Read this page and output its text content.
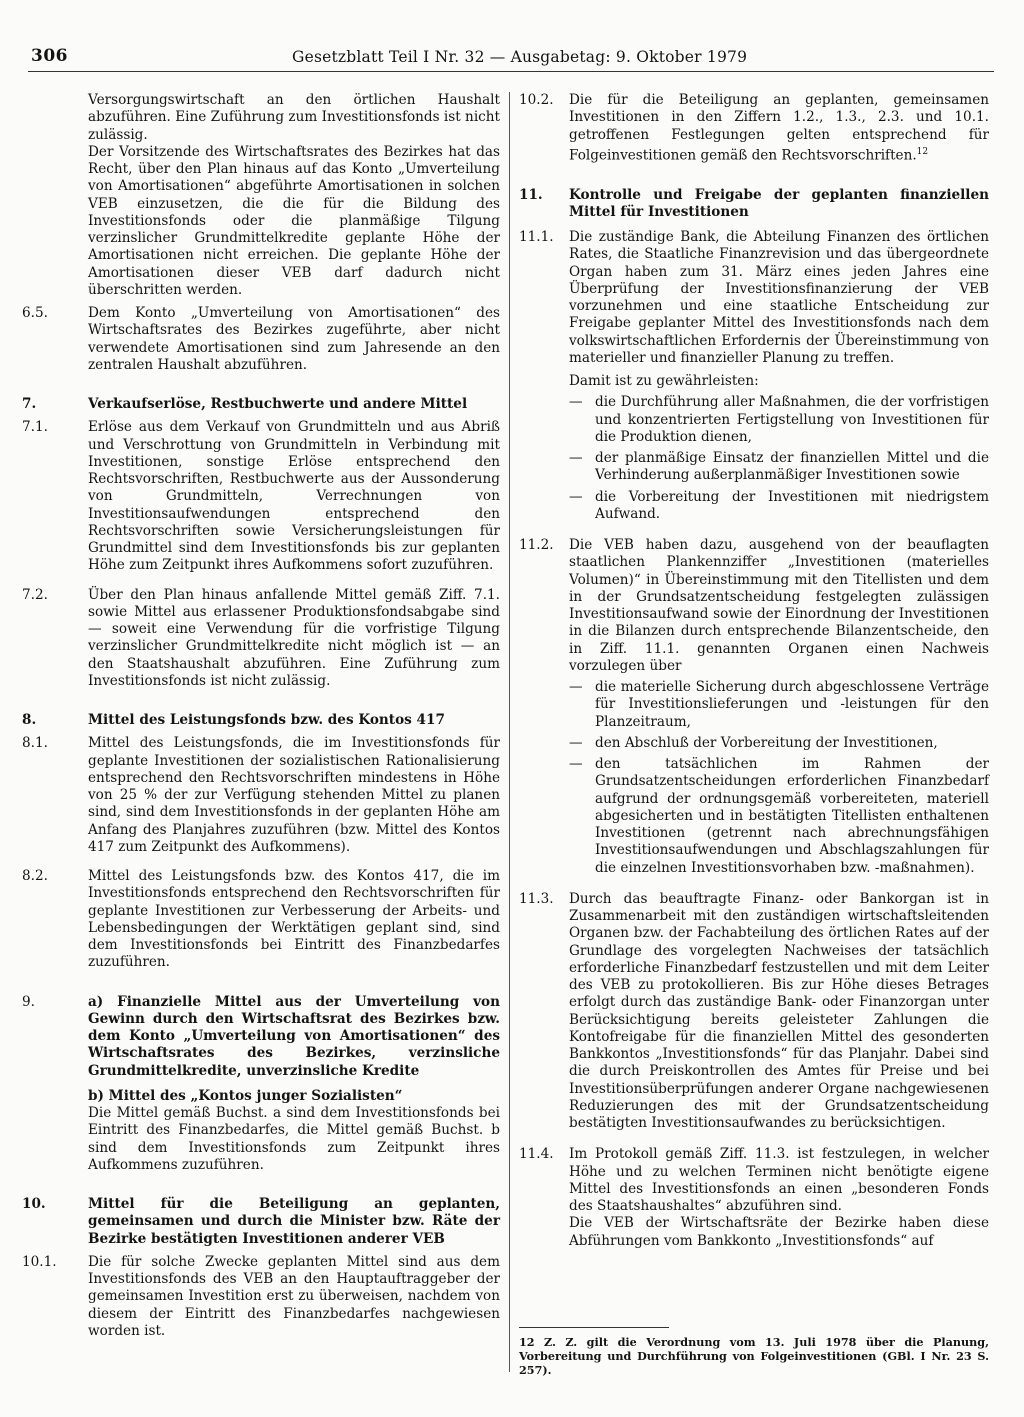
306	Gesetzblatt Teil I Nr. 32 — Ausgabetag: 9. Oktober 1979

Versorgungswirtschaft an den örtlichen Haushalt abzuführen. Eine Zuführung zum Investitionsfonds ist nicht zulässig.

Der Vorsitzende des Wirtschaftsrates des Bezirkes hat das Recht, über den Plan hinaus auf das Konto „Umverteilung von Amortisationen“ abgeführte Amortisationen in solchen VEB einzusetzen, die die für die Bildung des Investitionsfonds oder die planmäßige Tilgung verzinslicher Grundmittelkredite geplante Höhe der Amortisationen nicht erreichen. Die geplante Höhe der Amortisationen dieser VEB darf dadurch nicht überschritten werden.

6.5.	Dem Konto „Umverteilung von Amortisationen“ des Wirtschaftsrates des Bezirkes zugeführte, aber nicht verwendete Amortisationen sind zum Jahresende an den zentralen Haushalt abzuführen.
7.	Verkaufserlöse, Restbuchwerte und andere Mittel
7.1.	Erlöse aus dem Verkauf von Grundmitteln und aus Abriß und Verschrottung von Grundmitteln in Verbindung mit Investitionen, sonstige Erlöse entsprechend den Rechtsvorschriften, Restbuchwerte aus der Aussonderung von Grundmitteln, Verrechnungen von Investitionsaufwendungen entsprechend den Rechtsvorschriften sowie Versicherungsleistungen für Grundmittel sind dem Investitionsfonds bis zur geplanten Höhe zum Zeitpunkt ihres Aufkommens sofort zuzuführen.
7.2.	Über den Plan hinaus anfallende Mittel gemäß Ziff. 7.1. sowie Mittel aus erlassener Produktionsfondsabgabe sind — soweit eine Verwendung für die vorfristige Tilgung verzinslicher Grundmittelkredite nicht möglich ist — an den Staatshaushalt abzuführen. Eine Zuführung zum Investitionsfonds ist nicht zulässig.
8.	Mittel des Leistungsfonds bzw. des Kontos 417
8.1.	Mittel des Leistungsfonds, die im Investitionsfonds für geplante Investitionen der sozialistischen Rationalisierung entsprechend den Rechtsvorschriften mindestens in Höhe von 25 % der zur Verfügung stehenden Mittel zu planen sind, sind dem Investitionsfonds in der geplanten Höhe am Anfang des Planjahres zuzuführen (bzw. Mittel des Kontos 417 zum Zeitpunkt des Aufkommens).
8.2.	Mittel des Leistungsfonds bzw. des Kontos 417, die im Investitionsfonds entsprechend den Rechtsvorschriften für geplante Investitionen zur Verbesserung der Arbeits- und Lebensbedingungen der Werktätigen geplant sind, sind dem Investitionsfonds bei Eintritt des Finanzbedarfes zuzuführen.
9.	a) Finanzielle Mittel aus der Umverteilung von Gewinn durch den Wirtschaftsrat des Bezirkes bzw. dem Konto „Umverteilung von Amortisationen“ des Wirtschaftsrates des Bezirkes, verzinsliche Grundmittelkredite, unverzinsliche Kredite

b) Mittel des „Kontos junger Sozialisten“

Die Mittel gemäß Buchst. a sind dem Investitionsfonds bei Eintritt des Finanzbedarfes, die Mittel gemäß Buchst. b sind dem Investitionsfonds zum Zeitpunkt ihres Aufkommens zuzuführen.

10.	Mittel für die Beteiligung an geplanten, gemeinsamen und durch die Minister bzw. Räte der Bezirke bestätigten Investitionen anderer VEB
10.1.	Die für solche Zwecke geplanten Mittel sind aus dem Investitionsfonds des VEB an den Hauptauftraggeber der gemeinsamen Investition erst zu überweisen, nachdem von diesem der Eintritt des Finanzbedarfes nachgewiesen worden ist.
10.2.	Die für die Beteiligung an geplanten, gemeinsamen Investitionen in den Ziffern 1.2., 1.3., 2.3. und 10.1. getroffenen Festlegungen gelten entsprechend für Folgeinvestitionen gemäß den Rechtsvorschriften.$^{12}$
11.	Kontrolle und Freigabe der geplanten finanziellen Mittel für Investitionen
11.1.	Die zuständige Bank, die Abteilung Finanzen des örtlichen Rates, die Staatliche Finanzrevision und das übergeordnete Organ haben zum 31. März eines jeden Jahres eine Überprüfung der Investitionsfinanzierung der VEB vorzunehmen und eine staatliche Entscheidung zur Freigabe geplanter Mittel des Investitionsfonds nach dem volkswirtschaftlichen Erfordernis der Übereinstimmung von materieller und finanzieller Planung zu treffen.

Damit ist zu gewährleisten:

— die Durchführung aller Maßnahmen, die der vorfristigen und konzentrierten Fertigstellung von Investitionen für die Produktion dienen,
— der planmäßige Einsatz der finanziellen Mittel und die Verhinderung außerplanmäßiger Investitionen sowie
— die Vorbereitung der Investitionen mit niedrigstem Aufwand.
11.2.	Die VEB haben dazu, ausgehend von der beauflagten staatlichen Plankennziffer „Investitionen (materielles Volumen)“ in Übereinstimmung mit den Titellisten und dem in der Grundsatzentscheidung festgelegten zulässigen Investitionsaufwand sowie der Einordnung der Investitionen in die Bilanzen durch entsprechende Bilanzentscheide, den in Ziff. 11.1. genannten Organen einen Nachweis vorzulegen über

— die materielle Sicherung durch abgeschlossene Verträge für Investitionslieferungen und -leistungen für den Planzeitraum,
— den Abschluß der Vorbereitung der Investitionen,
— den tatsächlichen im Rahmen der Grundsatzentscheidungen erforderlichen Finanzbedarf aufgrund der ordnungsgemäß vorbereiteten, materiell abgesicherten und in bestätigten Titellisten enthaltenen Investitionen (getrennt nach abrechnungsfähigen Investitionsaufwendungen und Abschlagszahlungen für die einzelnen Investitionsvorhaben bzw. -maßnahmen).
11.3.	Durch das beauftragte Finanz- oder Bankorgan ist in Zusammenarbeit mit den zuständigen wirtschaftsleitenden Organen bzw. der Fachabteilung des örtlichen Rates auf der Grundlage des vorgelegten Nachweises der tatsächlich erforderliche Finanzbedarf festzustellen und mit dem Leiter des VEB zu protokollieren. Bis zur Höhe dieses Betrages erfolgt durch das zuständige Bank- oder Finanzorgan unter Berücksichtigung bereits geleisteter Zahlungen die Kontofreigabe für die finanziellen Mittel des gesonderten Bankkontos „Investitionsfonds“ für das Planjahr. Dabei sind die durch Preiskontrollen des Amtes für Preise und bei Investitionsüberprüfungen anderer Organe nachgewiesenen Reduzierungen des mit der Grundsatzentscheidung bestätigten Investitionsaufwandes zu berücksichtigen.
11.4.	Im Protokoll gemäß Ziff. 11.3. ist festzulegen, in welcher Höhe und zu welchen Terminen nicht benötigte eigene Mittel des Investitionsfonds an einen „besonderen Fonds des Staatshaushaltes“ abzuführen sind.

Die VEB der Wirtschaftsräte der Bezirke haben diese Abführungen vom Bankkonto „Investitionsfonds“ auf

12 Z. Z. gilt die Verordnung vom 13. Juli 1978 über die Planung, Vorbereitung und Durchführung von Folgeinvestitionen (GBl. I Nr. 23 S. 257).
